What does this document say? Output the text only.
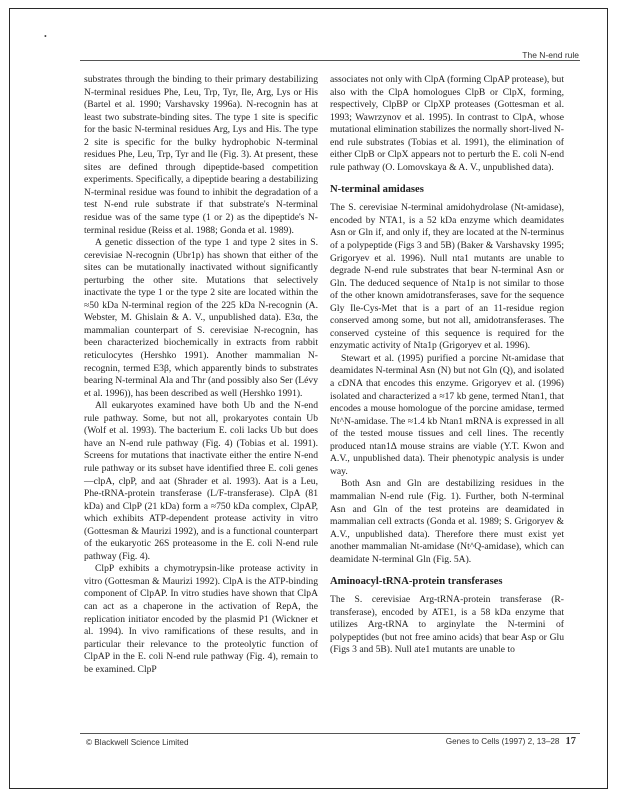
•
The N-end rule

substrates through the binding to their primary destabilizing N-terminal residues Phe, Leu, Trp, Tyr, Ile, Arg, Lys or His (Bartel et al. 1990; Varshavsky 1996a). N-recognin has at least two substrate-binding sites. The type 1 site is specific for the basic N-terminal residues Arg, Lys and His. The type 2 site is specific for the bulky hydrophobic N-terminal residues Phe, Leu, Trp, Tyr and Ile (Fig. 3). At present, these sites are defined through dipeptide-based competition experiments. Specifically, a dipeptide bearing a destabilizing N-terminal residue was found to inhibit the degradation of a test N-end rule substrate if that substrate's N-terminal residue was of the same type (1 or 2) as the dipeptide's N-terminal residue (Reiss et al. 1988; Gonda et al. 1989).

A genetic dissection of the type 1 and type 2 sites in S. cerevisiae N-recognin (Ubr1p) has shown that either of the sites can be mutationally inactivated without significantly perturbing the other site. Mutations that selectively inactivate the type 1 or the type 2 site are located within the ≈50 kDa N-terminal region of the 225 kDa N-recognin (A. Webster, M. Ghislain & A. V., unpublished data). E3α, the mammalian counterpart of S. cerevisiae N-recognin, has been characterized biochemically in extracts from rabbit reticulocytes (Hershko 1991). Another mammalian N-recognin, termed E3β, which apparently binds to substrates bearing N-terminal Ala and Thr (and possibly also Ser (Lévy et al. 1996)), has been described as well (Hershko 1991).

All eukaryotes examined have both Ub and the N-end rule pathway. Some, but not all, prokaryotes contain Ub (Wolf et al. 1993). The bacterium E. coli lacks Ub but does have an N-end rule pathway (Fig. 4) (Tobias et al. 1991). Screens for mutations that inactivate either the entire N-end rule pathway or its subset have identified three E. coli genes—clpA, clpP, and aat (Shrader et al. 1993). Aat is a Leu, Phe-tRNA-protein transferase (L/F-transferase). ClpA (81 kDa) and ClpP (21 kDa) form a ≈750 kDa complex, ClpAP, which exhibits ATP-dependent protease activity in vitro (Gottesman & Maurizi 1992), and is a functional counterpart of the eukaryotic 26S proteasome in the E. coli N-end rule pathway (Fig. 4).

ClpP exhibits a chymotrypsin-like protease activity in vitro (Gottesman & Maurizi 1992). ClpA is the ATP-binding component of ClpAP. In vitro studies have shown that ClpA can act as a chaperone in the activation of RepA, the replication initiator encoded by the plasmid P1 (Wickner et al. 1994). In vivo ramifications of these results, and in particular their relevance to the proteolytic function of ClpAP in the E. coli N-end rule pathway (Fig. 4), remain to be examined. ClpP

associates not only with ClpA (forming ClpAP protease), but also with the ClpA homologues ClpB or ClpX, forming, respectively, ClpBP or ClpXP proteases (Gottesman et al. 1993; Wawrzynov et al. 1995). In contrast to ClpA, whose mutational elimination stabilizes the normally short-lived N-end rule substrates (Tobias et al. 1991), the elimination of either ClpB or ClpX appears not to perturb the E. coli N-end rule pathway (O. Lomovskaya & A. V., unpublished data).

N-terminal amidases

The S. cerevisiae N-terminal amidohydrolase (Nt-amidase), encoded by NTA1, is a 52 kDa enzyme which deamidates Asn or Gln if, and only if, they are located at the N-terminus of a polypeptide (Figs 3 and 5B) (Baker & Varshavsky 1995; Grigoryev et al. 1996). Null nta1 mutants are unable to degrade N-end rule substrates that bear N-terminal Asn or Gln. The deduced sequence of Nta1p is not similar to those of the other known amidotransferases, save for the sequence Gly Ile-Cys-Met that is a part of an 11-residue region conserved among some, but not all, amidotransferases. The conserved cysteine of this sequence is required for the enzymatic activity of Nta1p (Grigoryev et al. 1996).

Stewart et al. (1995) purified a porcine Nt-amidase that deamidates N-terminal Asn (N) but not Gln (Q), and isolated a cDNA that encodes this enzyme. Grigoryev et al. (1996) isolated and characterized a ≈17 kb gene, termed Ntan1, that encodes a mouse homologue of the porcine amidase, termed Nt^N-amidase. The ≈1.4 kb Ntan1 mRNA is expressed in all of the tested mouse tissues and cell lines. The recently produced ntan1Δ mouse strains are viable (Y.T. Kwon and A.V., unpublished data). Their phenotypic analysis is under way.

Both Asn and Gln are destabilizing residues in the mammalian N-end rule (Fig. 1). Further, both N-terminal Asn and Gln of the test proteins are deamidated in mammalian cell extracts (Gonda et al. 1989; S. Grigoryev & A.V., unpublished data). Therefore there must exist yet another mammalian Nt-amidase (Nt^Q-amidase), which can deamidate N-terminal Gln (Fig. 5A).

Aminoacyl-tRNA-protein transferases

The S. cerevisiae Arg-tRNA-protein transferase (R-transferase), encoded by ATE1, is a 58 kDa enzyme that utilizes Arg-tRNA to arginylate the N-termini of polypeptides (but not free amino acids) that bear Asp or Glu (Figs 3 and 5B). Null ate1 mutants are unable to

© Blackwell Science Limited	Genes to Cells (1997) 2, 13–28 17
